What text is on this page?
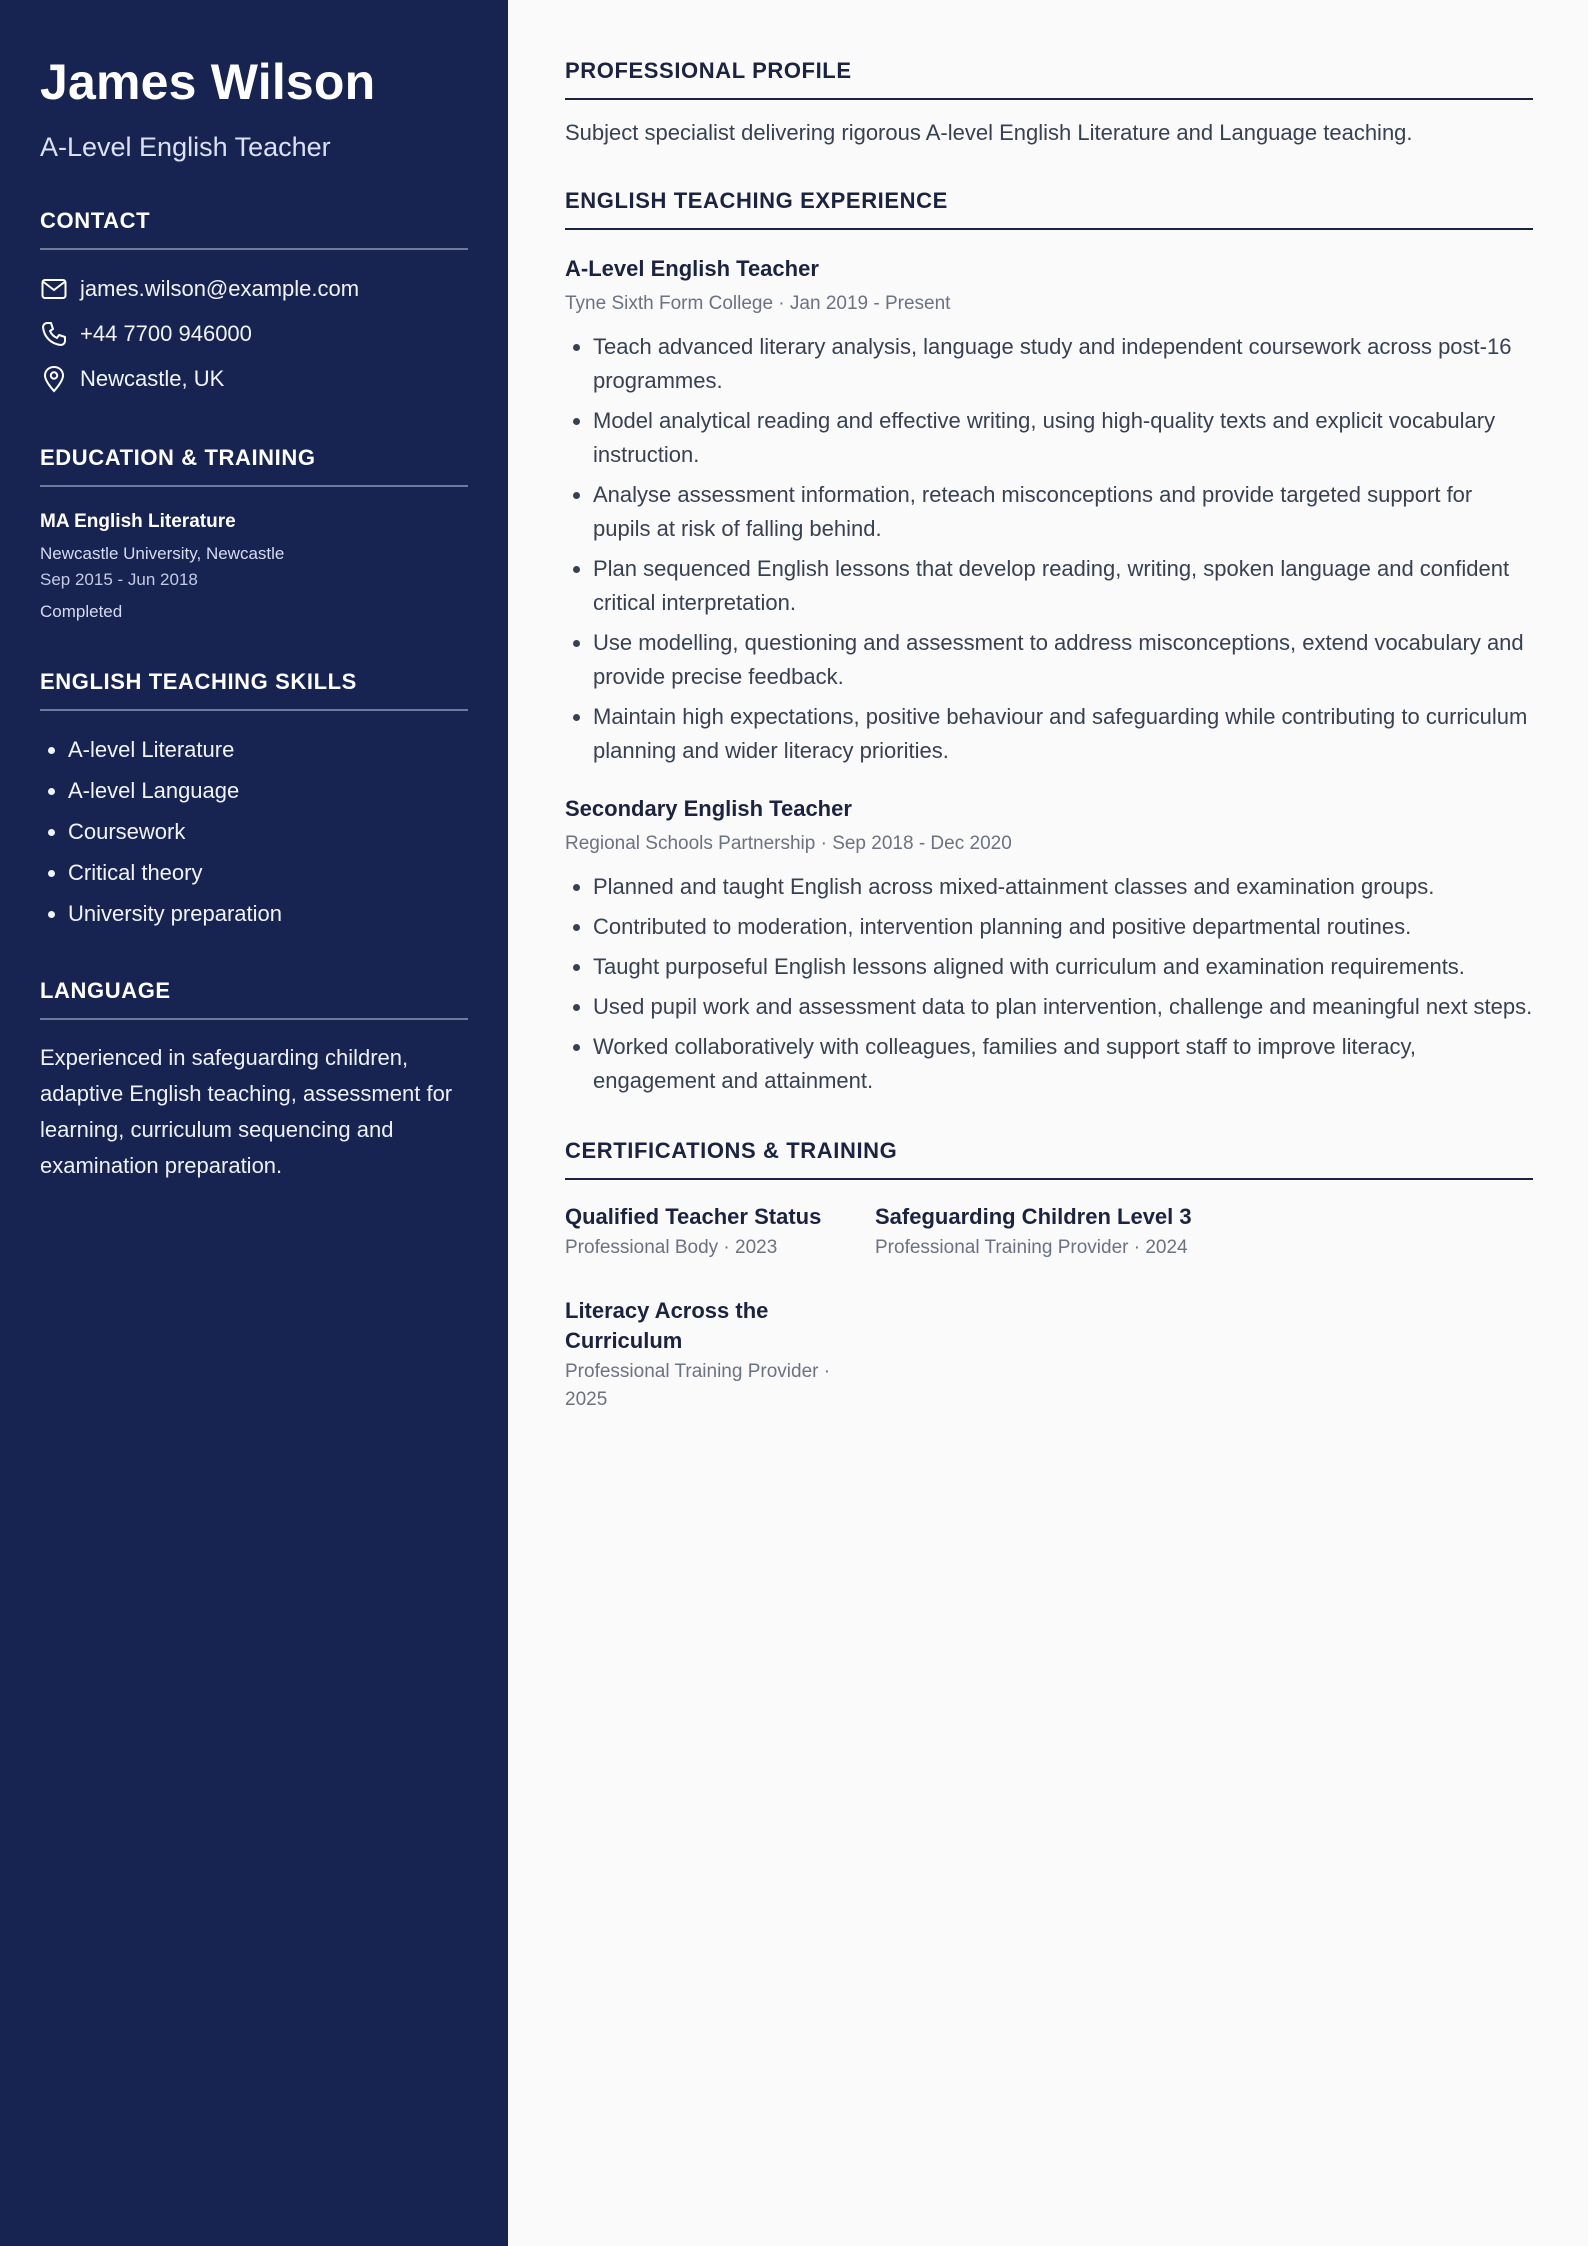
James Wilson
A-Level English Teacher
CONTACT
james.wilson@example.com
+44 7700 946000
Newcastle, UK
EDUCATION & TRAINING
MA English Literature
Newcastle University, Newcastle
Sep 2015 - Jun 2018
Completed
ENGLISH TEACHING SKILLS
• A-level Literature
• A-level Language
• Coursework
• Critical theory
• University preparation
LANGUAGE

Experienced in safeguarding children, adaptive English teaching, assessment for learning, curriculum sequencing and examination preparation.

PROFESSIONAL PROFILE

Subject specialist delivering rigorous A-level English Literature and Language teaching.

ENGLISH TEACHING EXPERIENCE
A-Level English Teacher
Tyne Sixth Form College · Jan 2019 - Present
• Teach advanced literary analysis, language study and independent coursework across post-16 programmes.
• Model analytical reading and effective writing, using high-quality texts and explicit vocabulary instruction.
• Analyse assessment information, reteach misconceptions and provide targeted support for pupils at risk of falling behind.
• Plan sequenced English lessons that develop reading, writing, spoken language and confident critical interpretation.
• Use modelling, questioning and assessment to address misconceptions, extend vocabulary and provide precise feedback.
• Maintain high expectations, positive behaviour and safeguarding while contributing to curriculum planning and wider literacy priorities.
Secondary English Teacher
Regional Schools Partnership · Sep 2018 - Dec 2020
• Planned and taught English across mixed-attainment classes and examination groups.
• Contributed to moderation, intervention planning and positive departmental routines.
• Taught purposeful English lessons aligned with curriculum and examination requirements.
• Used pupil work and assessment data to plan intervention, challenge and meaningful next steps.
• Worked collaboratively with colleagues, families and support staff to improve literacy, engagement and attainment.
CERTIFICATIONS & TRAINING
Qualified Teacher Status
Professional Body · 2023
Safeguarding Children Level 3
Professional Training Provider · 2024
Literacy Across the Curriculum
Professional Training Provider · 2025
